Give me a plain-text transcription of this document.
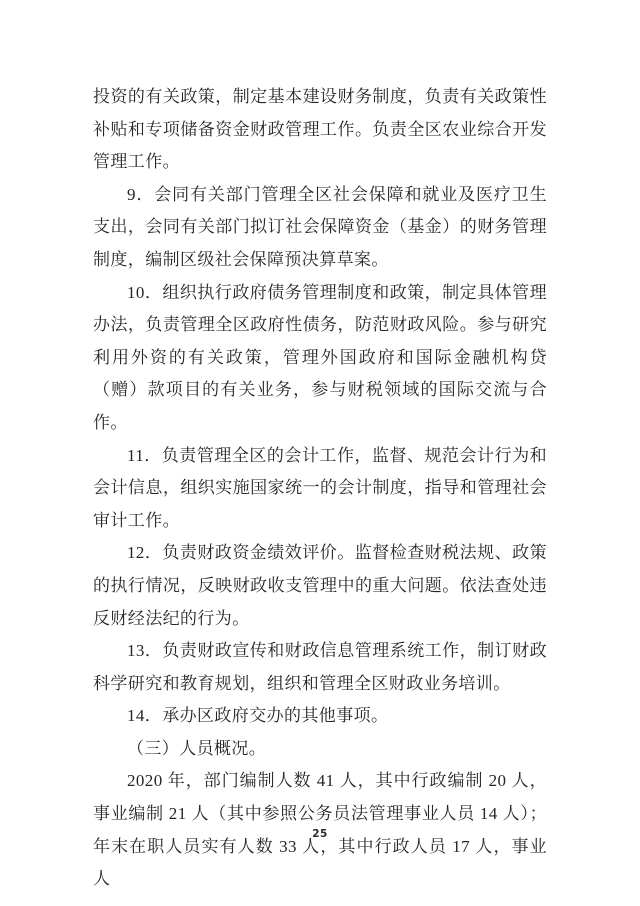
投资的有关政策，制定基本建设财务制度，负责有关政策性补贴和专项储备资金财政管理工作。负责全区农业综合开发管理工作。

9．会同有关部门管理全区社会保障和就业及医疗卫生支出，会同有关部门拟订社会保障资金（基金）的财务管理制度，编制区级社会保障预决算草案。

10．组织执行政府债务管理制度和政策，制定具体管理办法，负责管理全区政府性债务，防范财政风险。参与研究利用外资的有关政策，管理外国政府和国际金融机构贷（赠）款项目的有关业务，参与财税领域的国际交流与合作。

11．负责管理全区的会计工作，监督、规范会计行为和会计信息，组织实施国家统一的会计制度，指导和管理社会审计工作。

12．负责财政资金绩效评价。监督检查财税法规、政策的执行情况，反映财政收支管理中的重大问题。依法查处违反财经法纪的行为。

13．负责财政宣传和财政信息管理系统工作，制订财政科学研究和教育规划，组织和管理全区财政业务培训。

14．承办区政府交办的其他事项。

（三）人员概况。

2020 年，部门编制人数 41 人，其中行政编制 20 人，事业编制 21 人（其中参照公务员法管理事业人员 14 人）；年末在职人员实有人数 33 人，其中行政人员 17 人，事业人

25
